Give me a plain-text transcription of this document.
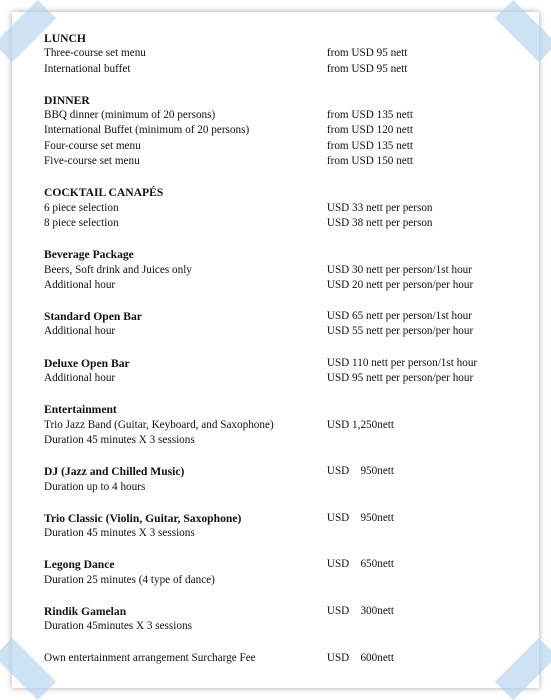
LUNCH
Three-course set menu	from USD 95 nett
International buffet	from USD 95 nett
DINNER
BBQ dinner (minimum of 20 persons)	from USD 135 nett
International Buffet (minimum of 20 persons)	from USD 120 nett
Four-course set menu	from USD 135 nett
Five-course set menu	from USD 150 nett
COCKTAIL CANAPÉS
6 piece selection	USD 33 nett per person
8 piece selection	USD 38 nett per person
Beverage Package
Beers, Soft drink and Juices only	USD 30 nett per person/1st hour
Additional hour	USD 20 nett per person/per hour
Standard Open Bar	USD 65 nett per person/1st hour
Additional hour	USD 55 nett per person/per hour
Deluxe Open Bar	USD 110 nett per person/1st hour
Additional hour	USD 95 nett per person/per hour
Entertainment
Trio Jazz Band (Guitar, Keyboard, and Saxophone)	USD 1,250nett
Duration 45 minutes X 3 sessions
DJ (Jazz and Chilled Music)	USD    950nett
Duration up to 4 hours
Trio Classic (Violin, Guitar, Saxophone)	USD    950nett
Duration 45 minutes X 3 sessions
Legong Dance	USD    650nett
Duration 25 minutes (4 type of dance)
Rindik Gamelan	USD    300nett
Duration 45minutes X 3 sessions
Own entertainment arrangement Surcharge Fee	USD    600nett
